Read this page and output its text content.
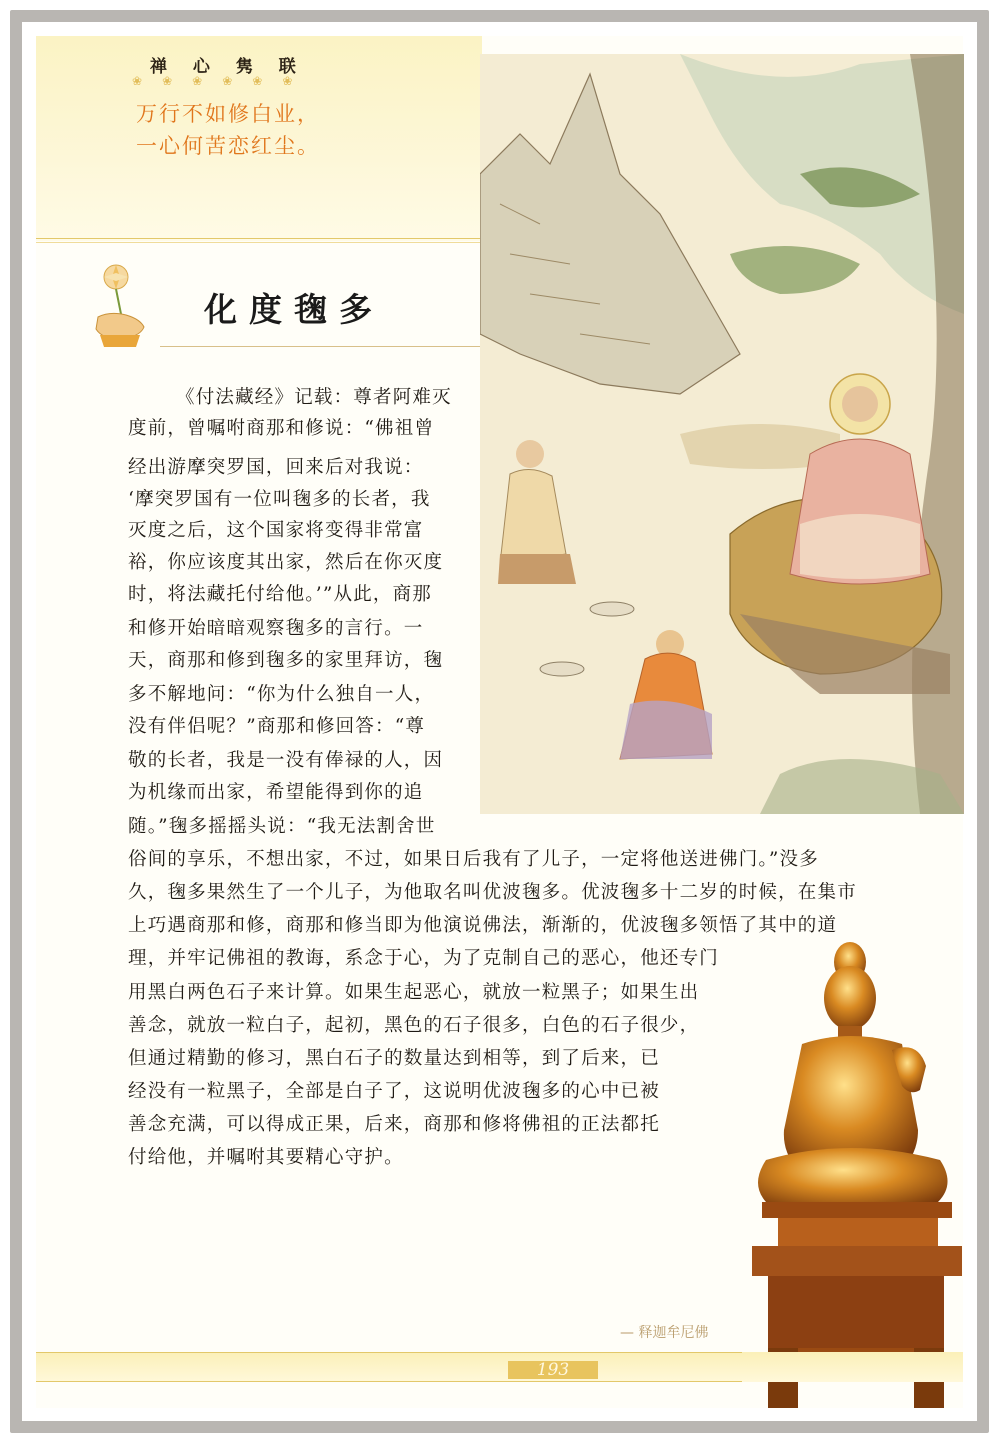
禅 心 隽 联
❀ ❀ ❀ ❀ ❀ ❀
万行不如修白业，
一心何苦恋红尘。
化度毱多
《付法藏经》记载：尊者阿难灭
度前，曾嘱咐商那和修说：“佛祖曾
经出游摩突罗国，回来后对我说：
‘摩突罗国有一位叫毱多的长者，我
灭度之后，这个国家将变得非常富
裕，你应该度其出家，然后在你灭度
时，将法藏托付给他。’”从此，商那
和修开始暗暗观察毱多的言行。一
天，商那和修到毱多的家里拜访，毱
多不解地问：“你为什么独自一人，
没有伴侣呢？”商那和修回答：“尊
敬的长者，我是一没有俸禄的人，因
为机缘而出家，希望能得到你的追
随。”毱多摇摇头说：“我无法割舍世
俗间的享乐，不想出家，不过，如果日后我有了儿子，一定将他送进佛门。”没多
久，毱多果然生了一个儿子，为他取名叫优波毱多。优波毱多十二岁的时候，在集市
上巧遇商那和修，商那和修当即为他演说佛法，渐渐的，优波毱多领悟了其中的道
理，并牢记佛祖的教诲，系念于心，为了克制自己的恶心，他还专门
用黑白两色石子来计算。如果生起恶心，就放一粒黑子；如果生出
善念，就放一粒白子，起初，黑色的石子很多，白色的石子很少，
但通过精勤的修习，黑白石子的数量达到相等，到了后来，已
经没有一粒黑子，全部是白子了，这说明优波毱多的心中已被
善念充满，可以得成正果，后来，商那和修将佛祖的正法都托
付给他，并嘱咐其要精心守护。
— 释迦牟尼佛
193
